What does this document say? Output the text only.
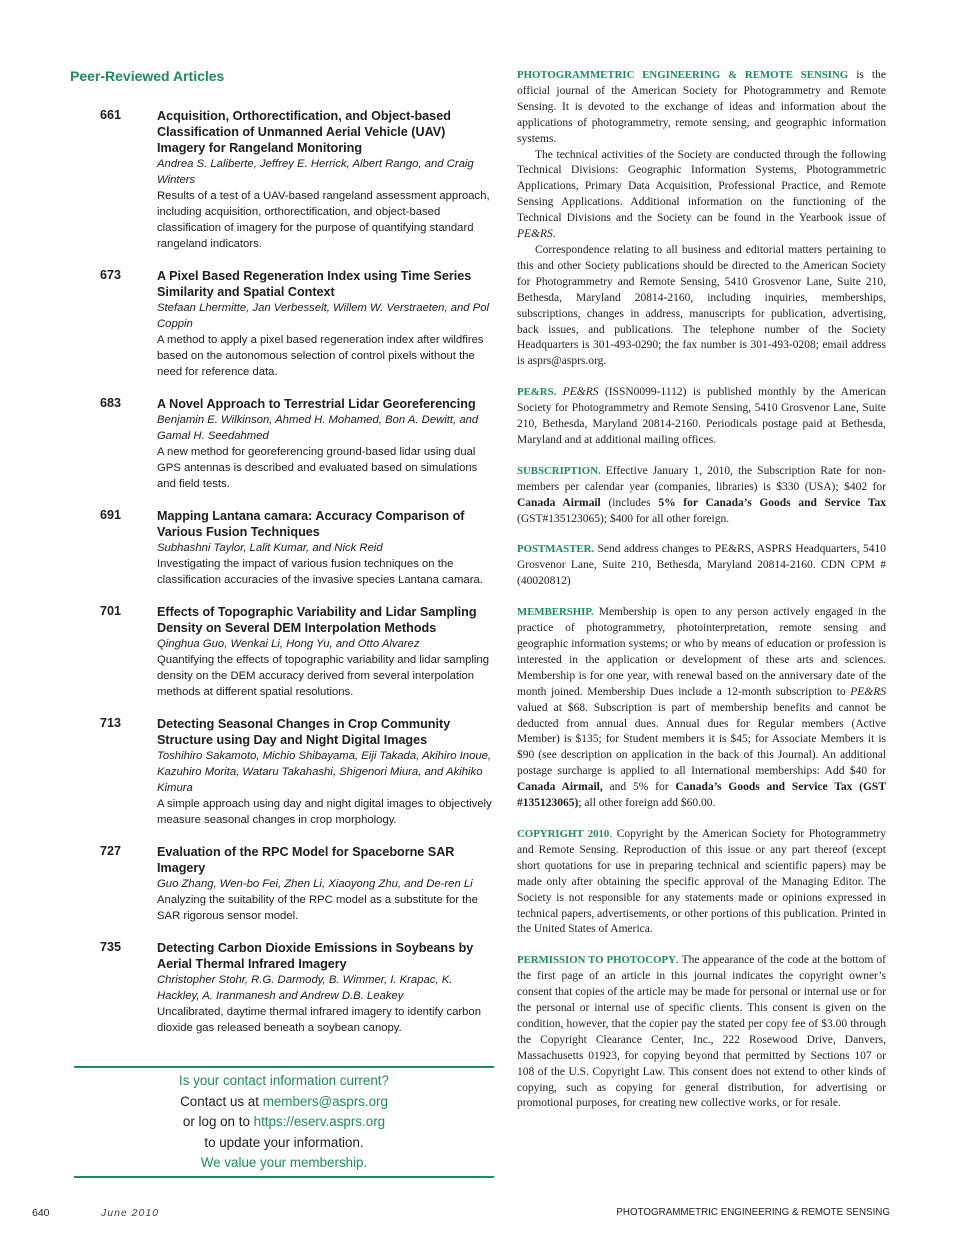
Peer-Reviewed Articles
661	Acquisition, Orthorectification, and Object-based Classification of Unmanned Aerial Vehicle (UAV) Imagery for Rangeland Monitoring
Andrea S. Laliberte, Jeffrey E. Herrick, Albert Rango, and Craig Winters
Results of a test of a UAV-based rangeland assessment approach, including acquisition, orthorectification, and object-based classification of imagery for the purpose of quantifying standard rangeland indicators.
673	A Pixel Based Regeneration Index using Time Series Similarity and Spatial Context
Stefaan Lhermitte, Jan Verbesselt, Willem W. Verstraeten, and Pol Coppin
A method to apply a pixel based regeneration index after wildfires based on the autonomous selection of control pixels without the need for reference data.
683	A Novel Approach to Terrestrial Lidar Georeferencing
Benjamin E. Wilkinson, Ahmed H. Mohamed, Bon A. Dewitt, and Gamal H. Seedahmed
A new method for georeferencing ground-based lidar using dual GPS antennas is described and evaluated based on simulations and field tests.
691	Mapping Lantana camara: Accuracy Comparison of Various Fusion Techniques
Subhashni Taylor, Lalit Kumar, and Nick Reid
Investigating the impact of various fusion techniques on the classification accuracies of the invasive species Lantana camara.
701	Effects of Topographic Variability and Lidar Sampling Density on Several DEM Interpolation Methods
Qinghua Guo, Wenkai Li, Hong Yu, and Otto Alvarez
Quantifying the effects of topographic variability and lidar sampling density on the DEM accuracy derived from several interpolation methods at different spatial resolutions.
713	Detecting Seasonal Changes in Crop Community Structure using Day and Night Digital Images
Toshihiro Sakamoto, Michio Shibayama, Eiji Takada, Akihiro Inoue, Kazuhiro Morita, Wataru Takahashi, Shigenori Miura, and Akihiko Kimura
A simple approach using day and night digital images to objectively measure seasonal changes in crop morphology.
727	Evaluation of the RPC Model for Spaceborne SAR Imagery
Guo Zhang, Wen-bo Fei, Zhen Li, Xiaoyong Zhu, and De-ren Li
Analyzing the suitability of the RPC model as a substitute for the SAR rigorous sensor model.
735	Detecting Carbon Dioxide Emissions in Soybeans by Aerial Thermal Infrared Imagery
Christopher Stohr, R.G. Darmody, B. Wimmer, I. Krapac, K. Hackley, A. Iranmanesh and Andrew D.B. Leakey
Uncalibrated, daytime thermal infrared imagery to identify carbon dioxide gas released beneath a soybean canopy.

Is your contact information current?

Contact us at members@asprs.org

or log on to https://eserv.asprs.org

to update your information.

We value your membership.

PHOTOGRAMMETRIC ENGINEERING & REMOTE SENSING is the official journal of the American Society for Photogrammetry and Remote Sensing. It is devoted to the exchange of ideas and information about the applications of photogrammetry, remote sensing, and geographic information systems.

The technical activities of the Society are conducted through the following Technical Divisions: Geographic Information Systems, Photogrammetric Applications, Primary Data Acquisition, Professional Practice, and Remote Sensing Applications. Additional information on the functioning of the Technical Divisions and the Society can be found in the Yearbook issue of PE&RS.

Correspondence relating to all business and editorial matters pertaining to this and other Society publications should be directed to the American Society for Photogrammetry and Remote Sensing, 5410 Grosvenor Lane, Suite 210, Bethesda, Maryland 20814-2160, including inquiries, memberships, subscriptions, changes in address, manuscripts for publication, advertising, back issues, and publications. The telephone number of the Society Headquarters is 301-493-0290; the fax number is 301-493-0208; email address is asprs@asprs.org.

PE&RS. PE&RS (ISSN0099-1112) is published monthly by the American Society for Photogrammetry and Remote Sensing, 5410 Grosvenor Lane, Suite 210, Bethesda, Maryland 20814-2160. Periodicals postage paid at Bethesda, Maryland and at additional mailing offices.

SUBSCRIPTION. Effective January 1, 2010, the Subscription Rate for non-members per calendar year (companies, libraries) is $330 (USA); $402 for Canada Airmail (includes 5% for Canada’s Goods and Service Tax (GST#135123065); $400 for all other foreign.

POSTMASTER. Send address changes to PE&RS, ASPRS Headquarters, 5410 Grosvenor Lane, Suite 210, Bethesda, Maryland 20814-2160. CDN CPM #(40020812)

MEMBERSHIP. Membership is open to any person actively engaged in the practice of photogrammetry, photointerpretation, remote sensing and geographic information systems; or who by means of education or profession is interested in the application or development of these arts and sciences. Membership is for one year, with renewal based on the anniversary date of the month joined. Membership Dues include a 12-month subscription to PE&RS valued at $68. Subscription is part of membership benefits and cannot be deducted from annual dues. Annual dues for Regular members (Active Member) is $135; for Student members it is $45; for Associate Members it is $90 (see description on application in the back of this Journal). An additional postage surcharge is applied to all International memberships: Add $40 for Canada Airmail, and 5% for Canada’s Goods and Service Tax (GST #135123065); all other foreign add $60.00.

COPYRIGHT 2010. Copyright by the American Society for Photogrammetry and Remote Sensing. Reproduction of this issue or any part thereof (except short quotations for use in preparing technical and scientific papers) may be made only after obtaining the specific approval of the Managing Editor. The Society is not responsible for any statements made or opinions expressed in technical papers, advertisements, or other portions of this publication. Printed in the United States of America.

PERMISSION TO PHOTOCOPY. The appearance of the code at the bottom of the first page of an article in this journal indicates the copyright owner’s consent that copies of the article may be made for personal or internal use or for the personal or internal use of specific clients. This consent is given on the condition, however, that the copier pay the stated per copy fee of $3.00 through the Copyright Clearance Center, Inc., 222 Rosewood Drive, Danvers, Massachusetts 01923, for copying beyond that permitted by Sections 107 or 108 of the U.S. Copyright Law. This consent does not extend to other kinds of copying, such as copying for general distribution, for advertising or promotional purposes, for creating new collective works, or for resale.

640	June 2010	PHOTOGRAMMETRIC ENGINEERING & REMOTE SENSING
